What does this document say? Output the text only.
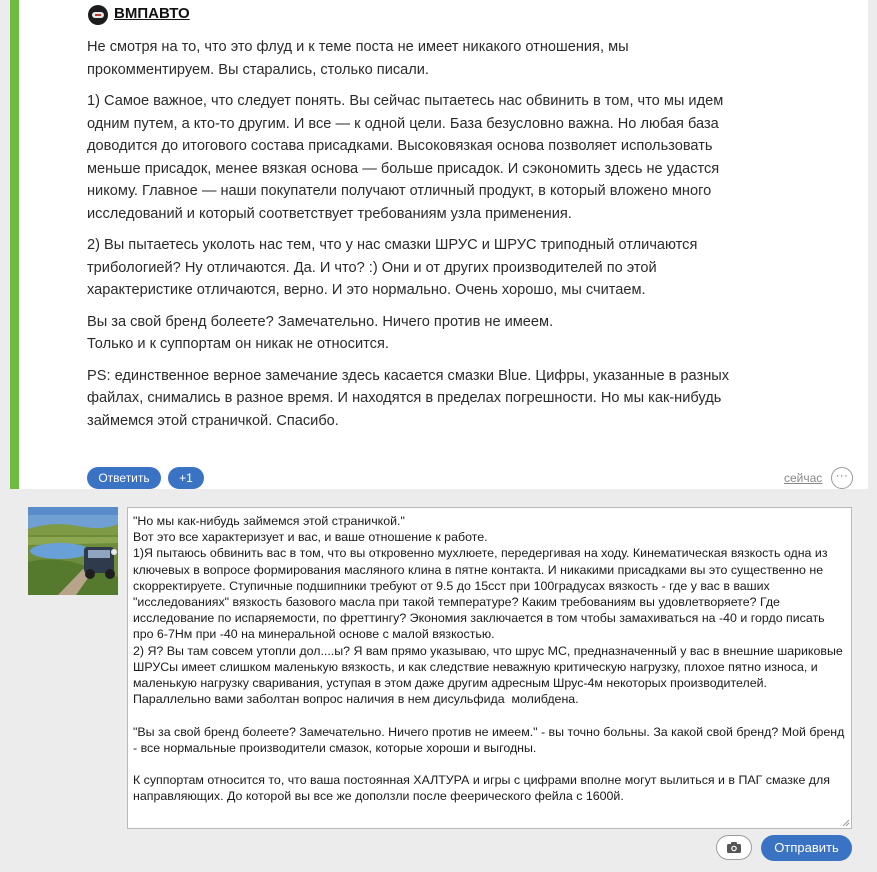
ВМПАВТО

Не смотря на то, что это флуд и к теме поста не имеет никакого отношения, мы прокомментируем. Вы старались, столько писали.

1) Самое важное, что следует понять. Вы сейчас пытаетесь нас обвинить в том, что мы идем одним путем, а кто-то другим. И все — к одной цели. База безусловно важна. Но любая база доводится до итогового состава присадками. Высоковязкая основа позволяет использовать меньше присадок, менее вязкая основа — больше присадок. И сэкономить здесь не удастся никому. Главное — наши покупатели получают отличный продукт, в который вложено много исследований и который соответствует требованиям узла применения.

2) Вы пытаетесь уколоть нас тем, что у нас смазки ШРУС и ШРУС триподный отличаются трибологией? Ну отличаются. Да. И что? :) Они и от других производителей по этой характеристике отличаются, верно. И это нормально. Очень хорошо, мы считаем.

Вы за свой бренд болеете? Замечательно. Ничего против не имеем.
Только и к суппортам он никак не относится.

PS: единственное верное замечание здесь касается смазки Blue. Цифры, указанные в разных файлах, снимались в разное время. И находятся в пределах погрешности. Но мы как-нибудь займемся этой страничкой. Спасибо.

Ответить	+1	сейчас	···
"Но мы как-нибудь займемся этой страничкой."
Вот это все характеризует и вас, и ваше отношение к работе.
1)Я пытаюсь обвинить вас в том, что вы откровенно мухлюете, передергивая на ходу. Кинематическая вязкость одна из ключевых в вопросе формирования масляного клина в пятне контакта. И никакими присадками вы это существенно не скорректируете. Ступичные подшипники требуют от 9.5 до 15сст при 100градусах вязкость - где у вас в ваших "исследованиях" вязкость базового масла при такой температуре? Каким требованиям вы удовлетворяете? Где исследование по испаряемости, по фреттингу? Экономия заключается в том чтобы замахиваться на -40 и гордо писать про 6-7Нм при -40 на минеральной основе с малой вязкостью.
2) Я? Вы там совсем утопли дол....ы? Я вам прямо указываю, что шрус МС, предназначенный у вас в внешние шариковые ШРУСы имеет слишком маленькую вязкость, и как следствие неважную критическую нагрузку, плохое пятно износа, и маленькую нагрузку сваривания, уступая в этом даже другим адресным Шрус-4м некоторых производителей. Параллельно вами заболтан вопрос наличия в нем дисульфида  молибдена.

"Вы за свой бренд болеете? Замечательно. Ничего против не имеем." - вы точно больны. За какой свой бренд? Мой бренд - все нормальные производители смазок, которые хороши и выгодны.

К суппортам относится то, что ваша постоянная ХАЛТУРА и игры с цифрами вполне могут вылиться и в ПАГ смазке для направляющих. До которой вы все же доползли после феерического фейла с 1600й.
Отправить
